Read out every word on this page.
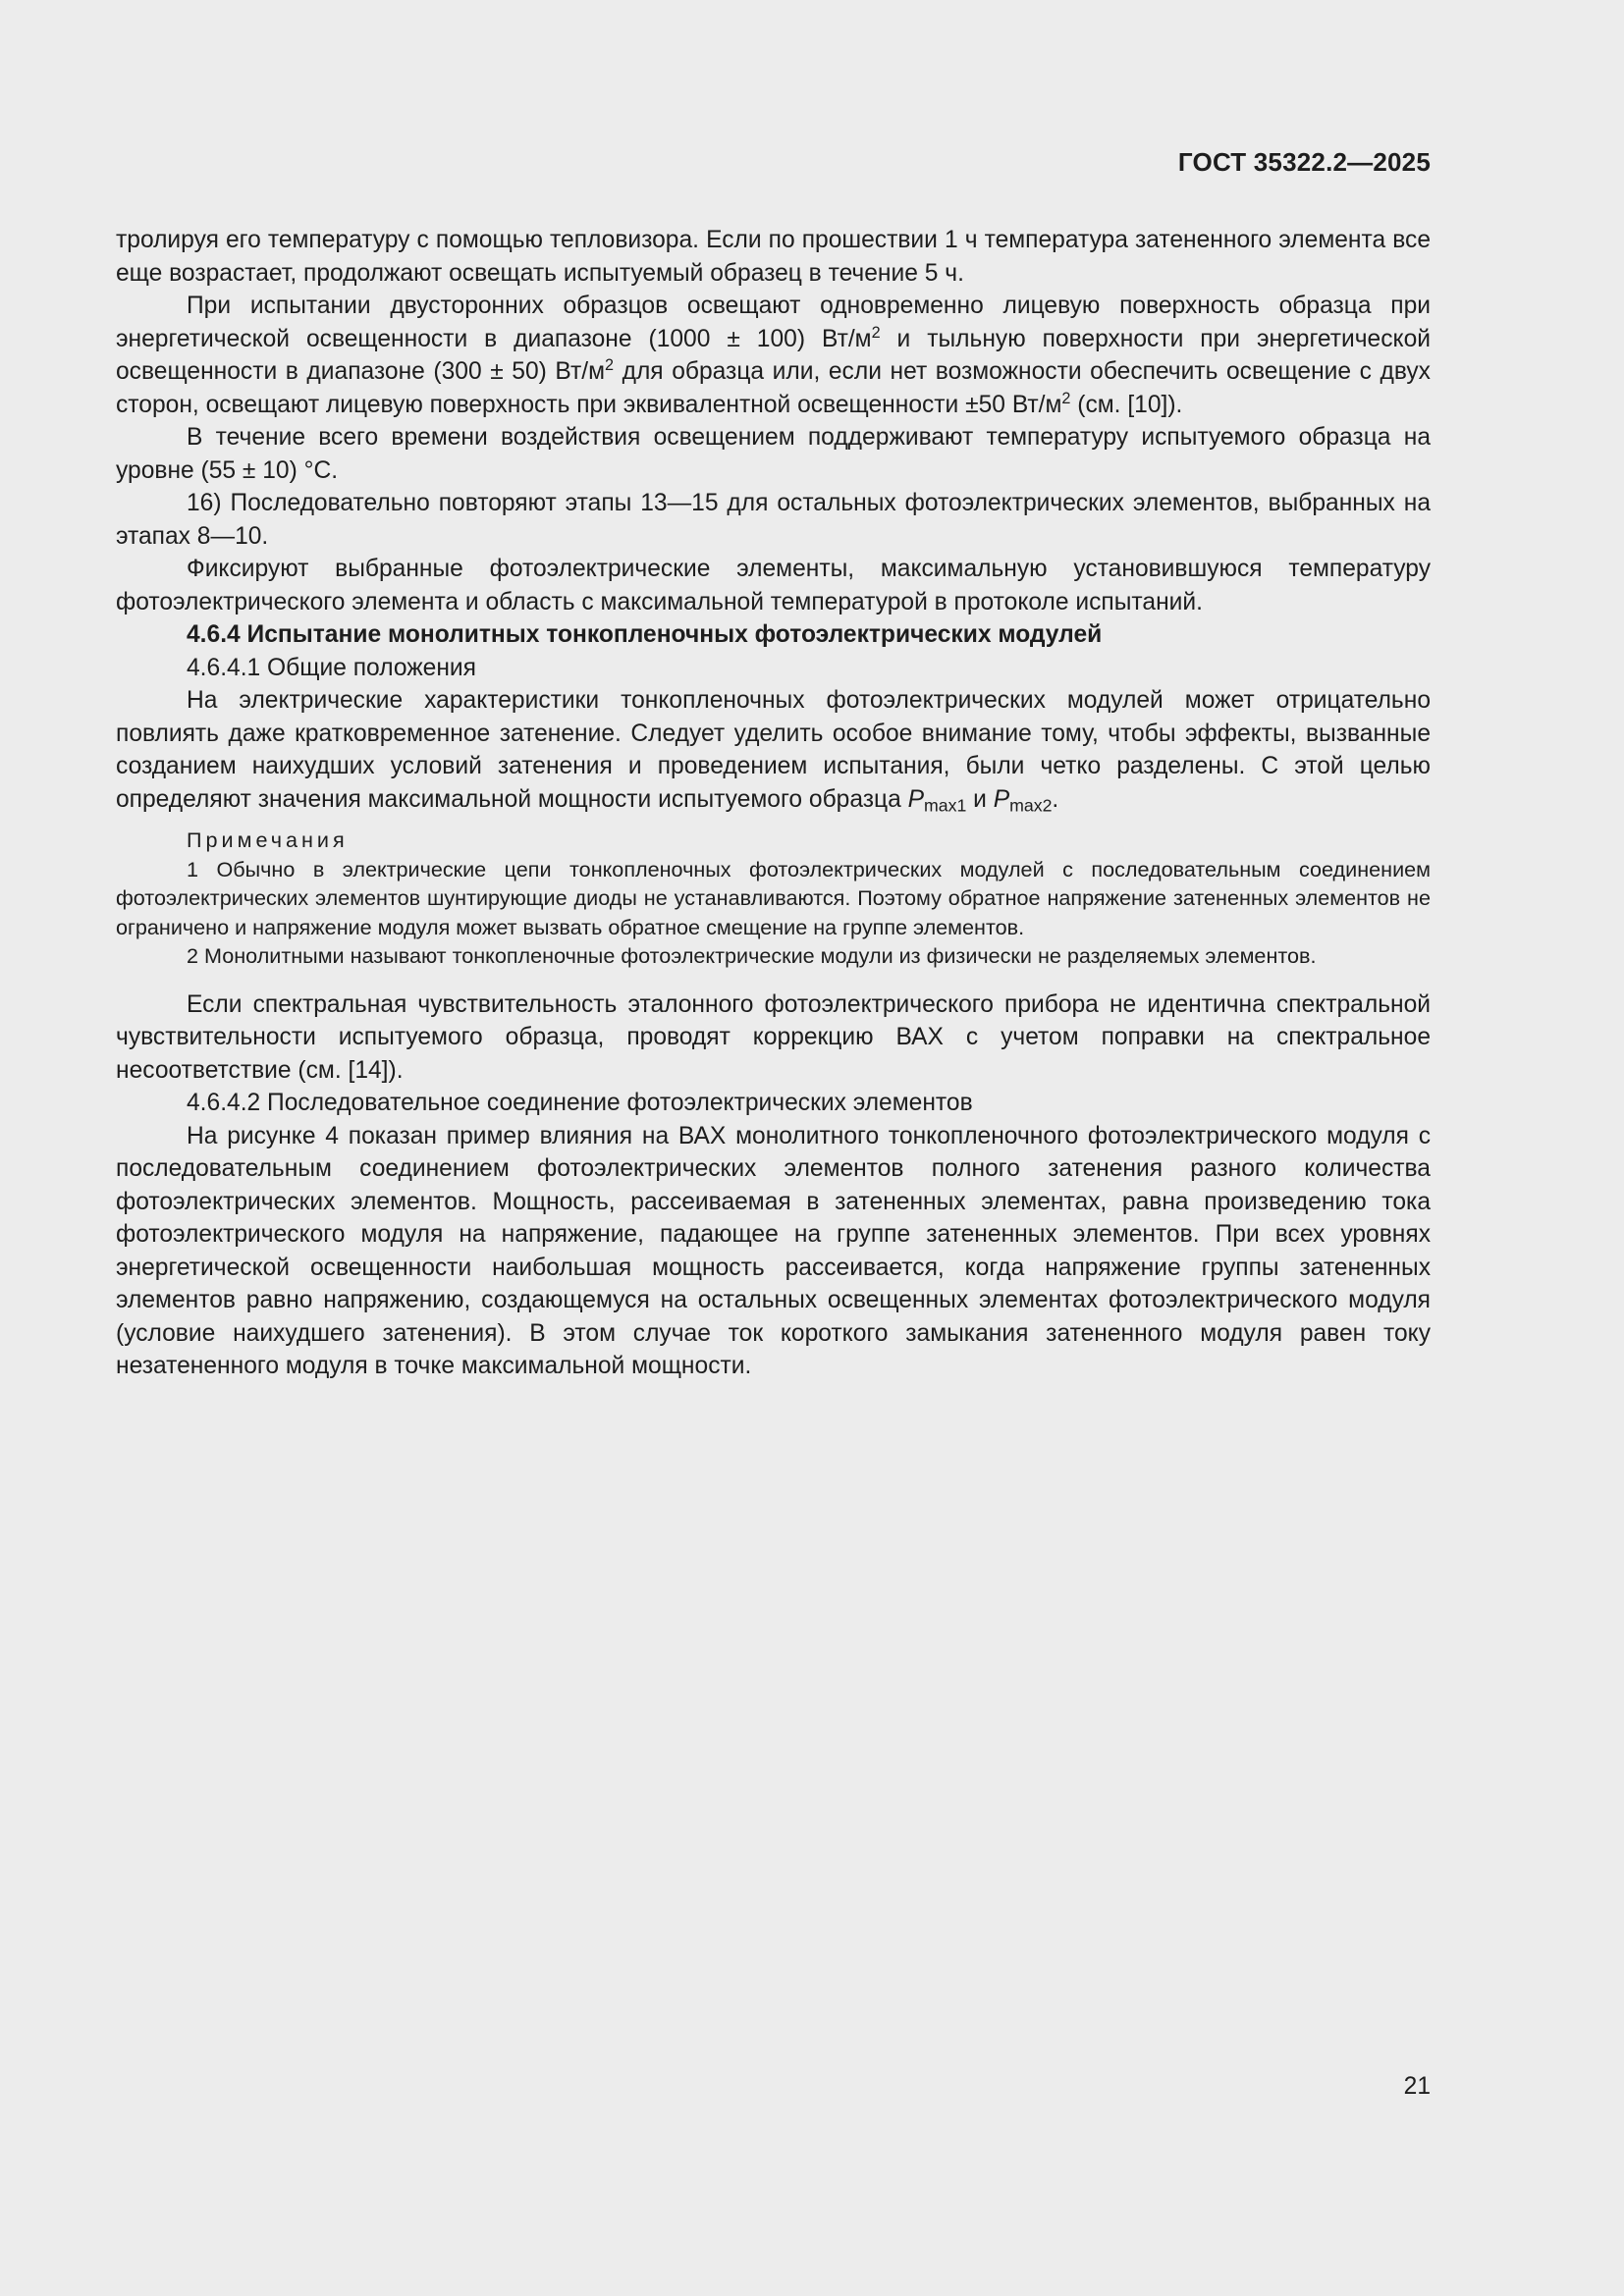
ГОСТ 35322.2—2025

тролируя его температуру с помощью тепловизора. Если по прошествии 1 ч температура затененного элемента все еще возрастает, продолжают освещать испытуемый образец в течение 5 ч.

При испытании двусторонних образцов освещают одновременно лицевую поверхность образца при энергетической освещенности в диапазоне (1000 ± 100) $Вт/м^2$ и тыльную поверхности при энергетической освещенности в диапазоне (300 ± 50) $Вт/м^2$ для образца или, если нет возможности обеспечить освещение с двух сторон, освещают лицевую поверхность при эквивалентной освещенности ±50 $Вт/м^2$ (см. [10]).

В течение всего времени воздействия освещением поддерживают температуру испытуемого образца на уровне (55 ± 10) °С.

16) Последовательно повторяют этапы 13—15 для остальных фотоэлектрических элементов, выбранных на этапах 8—10.

Фиксируют выбранные фотоэлектрические элементы, максимальную установившуюся температуру фотоэлектрического элемента и область с максимальной температурой в протоколе испытаний.

4.6.4 Испытание монолитных тонкопленочных фотоэлектрических модулей

4.6.4.1 Общие положения

На электрические характеристики тонкопленочных фотоэлектрических модулей может отрицательно повлиять даже кратковременное затенение. Следует уделить особое внимание тому, чтобы эффекты, вызванные созданием наихудших условий затенения и проведением испытания, были четко разделены. С этой целью определяют значения максимальной мощности испытуемого образца $P_{max1}$ и $P_{max2}$.

Примечания

1 Обычно в электрические цепи тонкопленочных фотоэлектрических модулей с последовательным соединением фотоэлектрических элементов шунтирующие диоды не устанавливаются. Поэтому обратное напряжение затененных элементов не ограничено и напряжение модуля может вызвать обратное смещение на группе элементов.

2 Монолитными называют тонкопленочные фотоэлектрические модули из физически не разделяемых элементов.

Если спектральная чувствительность эталонного фотоэлектрического прибора не идентична спектральной чувствительности испытуемого образца, проводят коррекцию ВАХ с учетом поправки на спектральное несоответствие (см. [14]).

4.6.4.2 Последовательное соединение фотоэлектрических элементов

На рисунке 4 показан пример влияния на ВАХ монолитного тонкопленочного фотоэлектрического модуля с последовательным соединением фотоэлектрических элементов полного затенения разного количества фотоэлектрических элементов. Мощность, рассеиваемая в затененных элементах, равна произведению тока фотоэлектрического модуля на напряжение, падающее на группе затененных элементов. При всех уровнях энергетической освещенности наибольшая мощность рассеивается, когда напряжение группы затененных элементов равно напряжению, создающемуся на остальных освещенных элементах фотоэлектрического модуля (условие наихудшего затенения). В этом случае ток короткого замыкания затененного модуля равен току незатененного модуля в точке максимальной мощности.

21
